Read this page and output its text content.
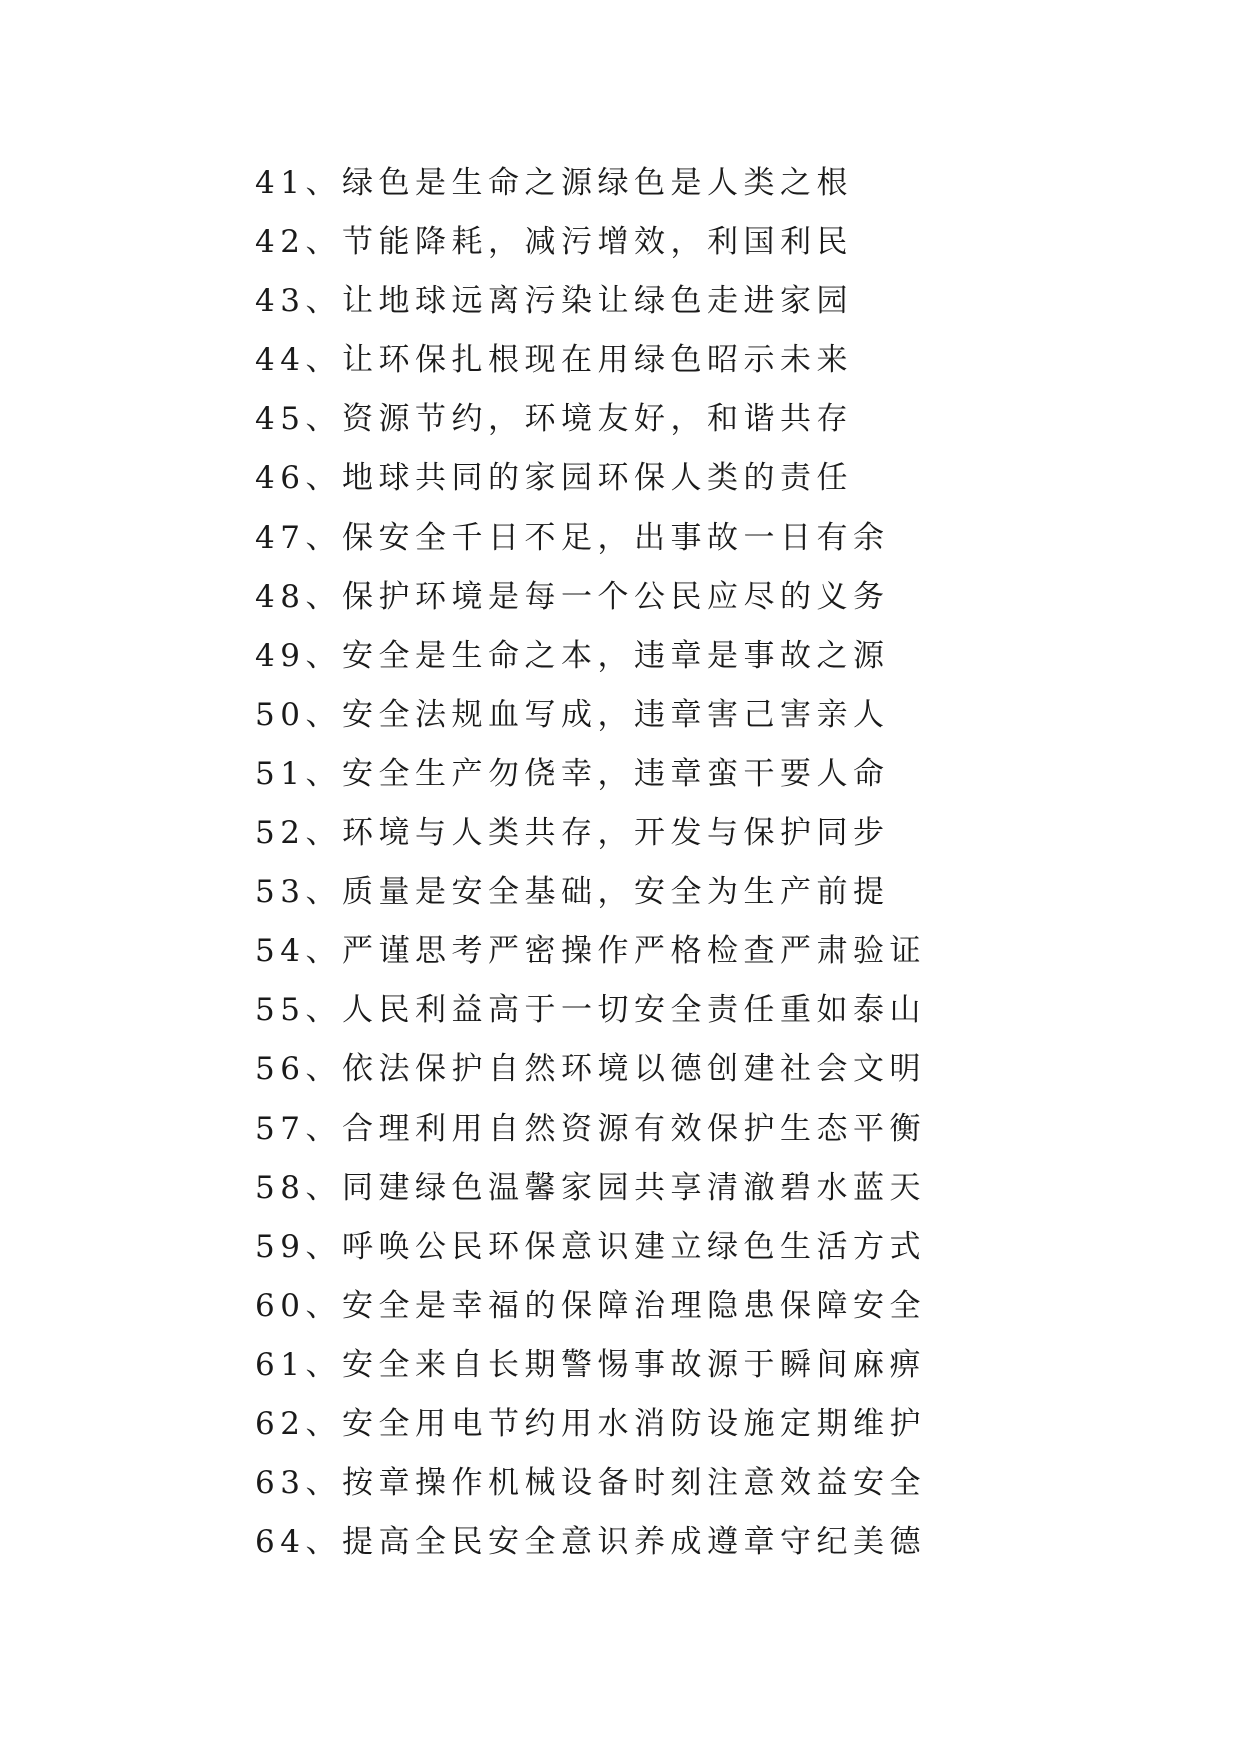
41、绿色是生命之源绿色是人类之根
42、节能降耗，减污增效，利国利民
43、让地球远离污染让绿色走进家园
44、让环保扎根现在用绿色昭示未来
45、资源节约，环境友好，和谐共存
46、地球共同的家园环保人类的责任
47、保安全千日不足，出事故一日有余
48、保护环境是每一个公民应尽的义务
49、安全是生命之本，违章是事故之源
50、安全法规血写成，违章害己害亲人
51、安全生产勿侥幸，违章蛮干要人命
52、环境与人类共存，开发与保护同步
53、质量是安全基础，安全为生产前提
54、严谨思考严密操作严格检查严肃验证
55、人民利益高于一切安全责任重如泰山
56、依法保护自然环境以德创建社会文明
57、合理利用自然资源有效保护生态平衡
58、同建绿色温馨家园共享清澈碧水蓝天
59、呼唤公民环保意识建立绿色生活方式
60、安全是幸福的保障治理隐患保障安全
61、安全来自长期警惕事故源于瞬间麻痹
62、安全用电节约用水消防设施定期维护
63、按章操作机械设备时刻注意效益安全
64、提高全民安全意识养成遵章守纪美德
